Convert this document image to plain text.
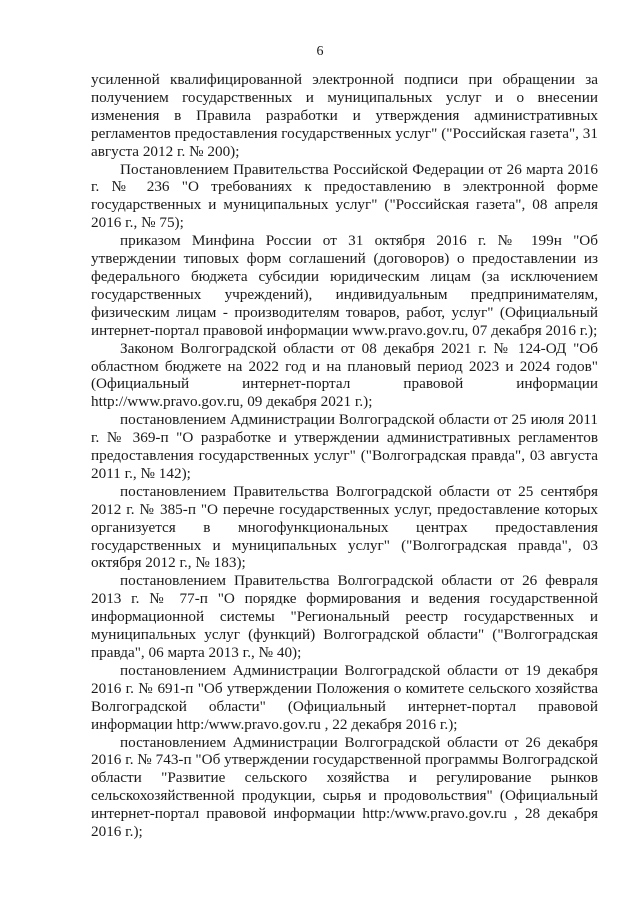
6

усиленной квалифицированной электронной подписи при обращении за получением государственных и муниципальных услуг и о внесении изменения в Правила разработки и утверждения административных регламентов предоставления государственных услуг" ("Российская газета", 31 августа 2012 г. № 200);

Постановлением Правительства Российской Федерации от 26 марта 2016 г. № 236 "О требованиях к предоставлению в электронной форме государственных и муниципальных услуг" ("Российская газета", 08 апреля 2016 г., № 75);

приказом Минфина России от 31 октября 2016 г. № 199н "Об утверждении типовых форм соглашений (договоров) о предоставлении из федерального бюджета субсидии юридическим лицам (за исключением государственных учреждений), индивидуальным предпринимателям, физическим лицам - производителям товаров, работ, услуг" (Официальный интернет-портал правовой информации www.pravo.gov.ru, 07 декабря 2016 г.);

Законом Волгоградской области от 08 декабря 2021 г. № 124-ОД "Об областном бюджете на 2022 год и на плановый период 2023 и 2024 годов" (Официальный интернет-портал правовой информации http://www.pravo.gov.ru, 09 декабря 2021 г.);

постановлением Администрации Волгоградской области от 25 июля 2011 г. № 369-п "О разработке и утверждении административных регламентов предоставления государственных услуг" ("Волгоградская правда", 03 августа 2011 г., № 142);

постановлением Правительства Волгоградской области от 25 сентября 2012 г. № 385-п "О перечне государственных услуг, предоставление которых организуется в многофункциональных центрах предоставления государственных и муниципальных услуг" ("Волгоградская правда", 03 октября 2012 г., № 183);

постановлением Правительства Волгоградской области от 26 февраля 2013 г. № 77-п "О порядке формирования и ведения государственной информационной системы "Региональный реестр государственных и муниципальных услуг (функций) Волгоградской области" ("Волгоградская правда", 06 марта 2013 г., № 40);

постановлением Администрации Волгоградской области от 19 декабря 2016 г. № 691-п "Об утверждении Положения о комитете сельского хозяйства Волгоградской области" (Официальный интернет-портал правовой информации http:/www.pravo.gov.ru , 22 декабря 2016 г.);

постановлением Администрации Волгоградской области от 26 декабря 2016 г. № 743-п "Об утверждении государственной программы Волгоградской области "Развитие сельского хозяйства и регулирование рынков сельскохозяйственной продукции, сырья и продовольствия" (Официальный интернет-портал правовой информации http:/www.pravo.gov.ru , 28 декабря 2016 г.);
